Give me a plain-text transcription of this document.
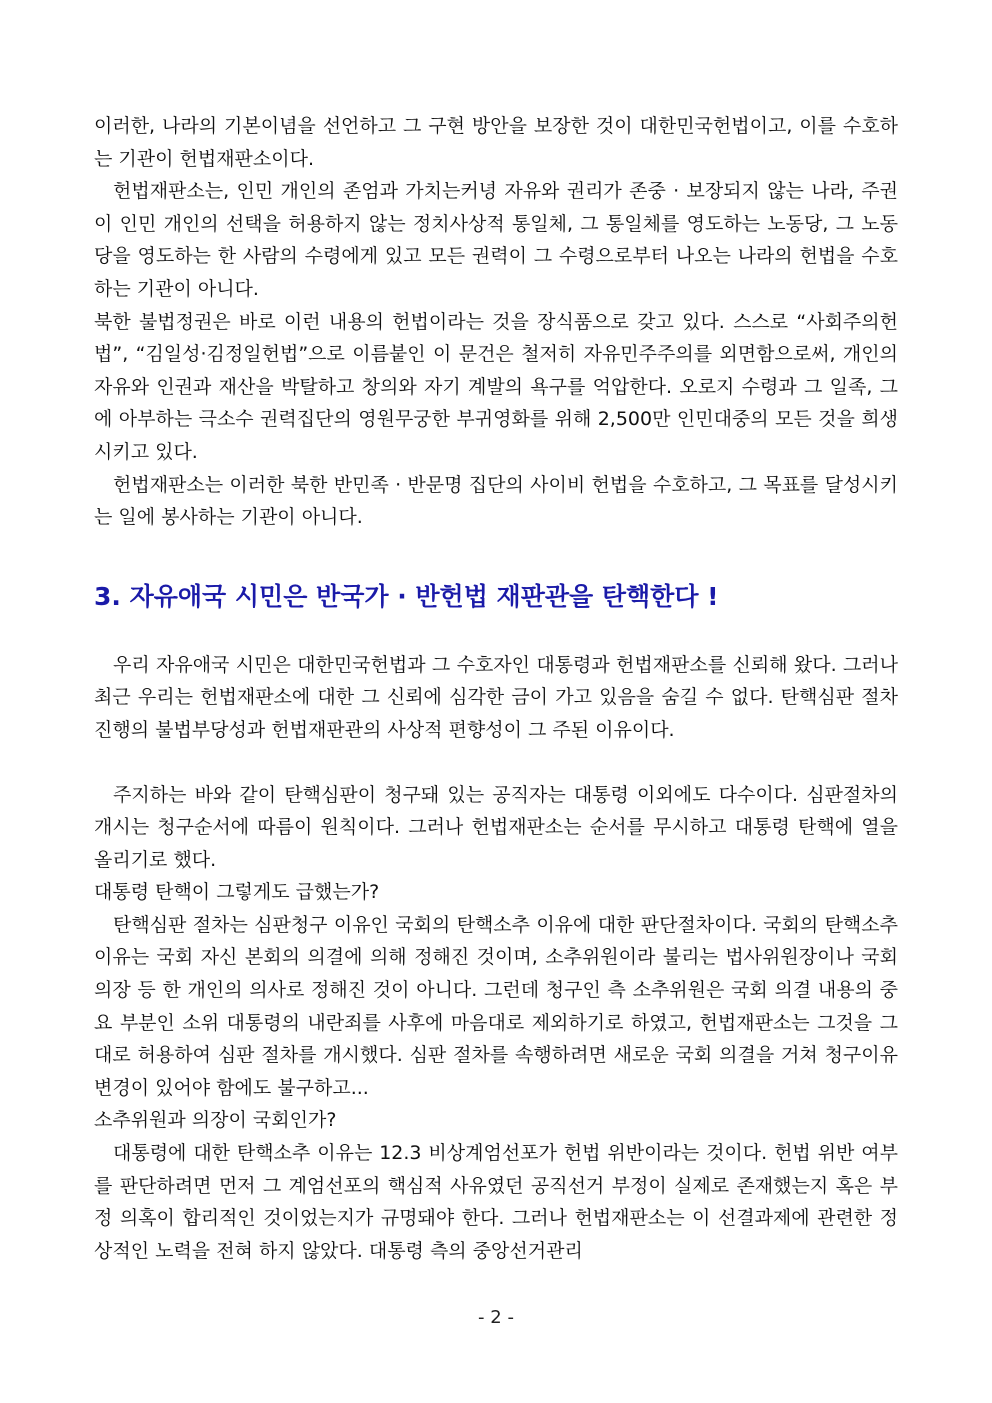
이러한, 나라의 기본이념을 선언하고 그 구현 방안을 보장한 것이 대한민국헌법이고, 이를 수호하는 기관이 헌법재판소이다.

헌법재판소는, 인민 개인의 존엄과 가치는커녕 자유와 권리가 존중 · 보장되지 않는 나라, 주권이 인민 개인의 선택을 허용하지 않는 정치사상적 통일체, 그 통일체를 영도하는 노동당, 그 노동당을 영도하는 한 사람의 수령에게 있고 모든 권력이 그 수령으로부터 나오는 나라의 헌법을 수호하는 기관이 아니다.

북한 불법정권은 바로 이런 내용의 헌법이라는 것을 장식품으로 갖고 있다. 스스로 “사회주의헌법”, “김일성·김정일헌법”으로 이름붙인 이 문건은 철저히 자유민주주의를 외면함으로써, 개인의 자유와 인권과 재산을 박탈하고 창의와 자기 계발의 욕구를 억압한다. 오로지 수령과 그 일족, 그에 아부하는 극소수 권력집단의 영원무궁한 부귀영화를 위해 2,500만 인민대중의 모든 것을 희생시키고 있다.

헌법재판소는 이러한 북한 반민족 · 반문명 집단의 사이비 헌법을 수호하고, 그 목표를 달성시키는 일에 봉사하는 기관이 아니다.

3. 자유애국 시민은 반국가 · 반헌법 재판관을 탄핵한다 !

우리 자유애국 시민은 대한민국헌법과 그 수호자인 대통령과 헌법재판소를 신뢰해 왔다. 그러나 최근 우리는 헌법재판소에 대한 그 신뢰에 심각한 금이 가고 있음을 숨길 수 없다. 탄핵심판 절차 진행의 불법부당성과 헌법재판관의 사상적 편향성이 그 주된 이유이다.

주지하는 바와 같이 탄핵심판이 청구돼 있는 공직자는 대통령 이외에도 다수이다. 심판절차의 개시는 청구순서에 따름이 원칙이다. 그러나 헌법재판소는 순서를 무시하고 대통령 탄핵에 열을 올리기로 했다.

대통령 탄핵이 그렇게도 급했는가?

탄핵심판 절차는 심판청구 이유인 국회의 탄핵소추 이유에 대한 판단절차이다. 국회의 탄핵소추 이유는 국회 자신 본회의 의결에 의해 정해진 것이며, 소추위원이라 불리는 법사위원장이나 국회의장 등 한 개인의 의사로 정해진 것이 아니다. 그런데 청구인 측 소추위원은 국회 의결 내용의 중요 부분인 소위 대통령의 내란죄를 사후에 마음대로 제외하기로 하였고, 헌법재판소는 그것을 그대로 허용하여 심판 절차를 개시했다. 심판 절차를 속행하려면 새로운 국회 의결을 거쳐 청구이유 변경이 있어야 함에도 불구하고...

소추위원과 의장이 국회인가?

대통령에 대한 탄핵소추 이유는 12.3 비상계엄선포가 헌법 위반이라는 것이다. 헌법 위반 여부를 판단하려면 먼저 그 계엄선포의 핵심적 사유였던 공직선거 부정이 실제로 존재했는지 혹은 부정 의혹이 합리적인 것이었는지가 규명돼야 한다. 그러나 헌법재판소는 이 선결과제에 관련한 정상적인 노력을 전혀 하지 않았다. 대통령 측의 중앙선거관리

- 2 -
